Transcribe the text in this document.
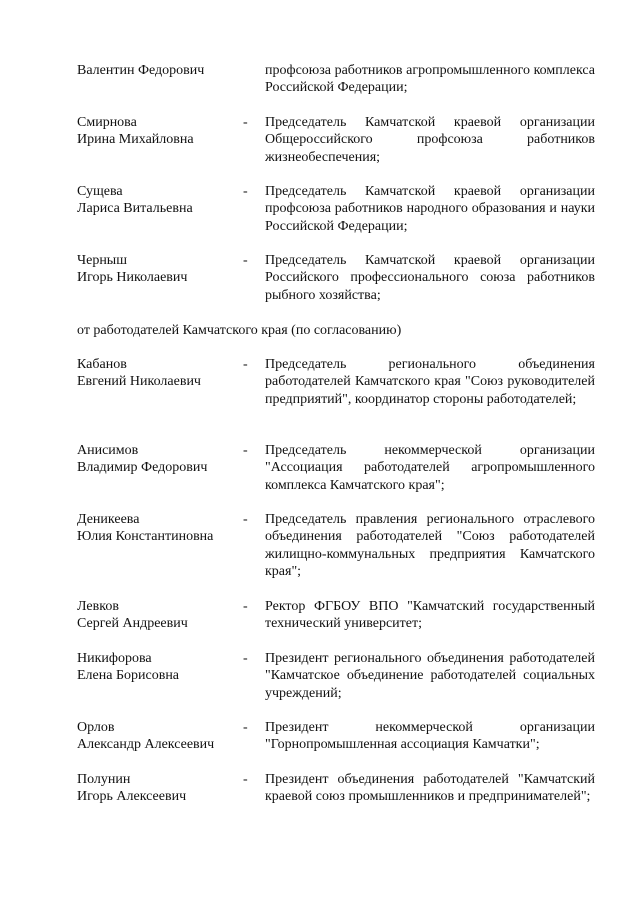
Валентин Федорович	профсоюза работников агропромышленного комплекса Российской Федерации;
Смирнова
Ирина Михайловна
- Председатель Камчатской краевой организации Общероссийского профсоюза работников жизнеобеспечения;
Сущева
Лариса Витальевна
- Председатель Камчатской краевой организации профсоюза работников народного образования и науки Российской Федерации;
Черныш
Игорь Николаевич
- Председатель Камчатской краевой организации Российского профессионального союза работников рыбного хозяйства;
от работодателей Камчатского края (по согласованию)
Кабанов
Евгений Николаевич
- Председатель регионального объединения работодателей Камчатского края "Союз руководителей предприятий", координатор стороны работодателей;
Анисимов
Владимир Федорович
- Председатель некоммерческой организации "Ассоциация работодателей агропромышленного комплекса Камчатского края";
Деникеева
Юлия Константиновна
- Председатель правления регионального отраслевого объединения работодателей "Союз работодателей жилищно-коммунальных предприятия Камчатского края";
Левков
Сергей Андреевич
- Ректор ФГБОУ ВПО "Камчатский государственный технический университет;
Никифорова
Елена Борисовна
- Президент регионального объединения работодателей "Камчатское объединение работодателей социальных учреждений;
Орлов
Александр Алексеевич
- Президент некоммерческой организации "Горнопромышленная ассоциация Камчатки";
Полунин
Игорь Алексеевич
- Президент объединения работодателей "Камчатский краевой союз промышленников и предпринимателей";
